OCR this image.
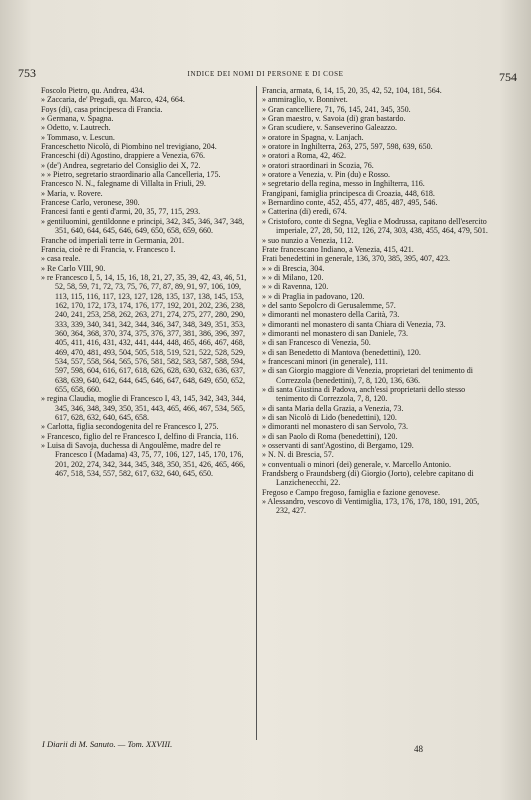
753	INDICE DEI NOMI DI PERSONE E DI COSE	754

Foscolo Pietro, qu. Andrea, 434.

» Zaccaria, de' Pregadi, qu. Marco, 424, 664.

Foys (di), casa principesca di Francia.

» Germana, v. Spagna.

» Odetto, v. Lautrech.

» Tommaso, v. Lescun.

Franceschetto Nicolò, di Piombino nel trevigiano, 204.

Franceschi (di) Agostino, drappiere a Venezia, 676.

» (de') Andrea, segretario del Consiglio dei X, 72.

» » Pietro, segretario straordinario alla Cancelleria, 175.

Francesco N. N., falegname di Villalta in Friuli, 29.

» Maria, v. Rovere.

Francese Carlo, veronese, 390.

Francesi fanti e genti d'armi, 20, 35, 77, 115, 293.

» gentiluomini, gentildonne e principi, 342, 345, 346, 347, 348, 351, 640, 644, 645, 646, 649, 650, 658, 659, 660.

Franche od imperiali terre in Germania, 201.

Francia, cioè re di Francia, v. Francesco I.

» casa reale.

» Re Carlo VIII, 90.

» re Francesco I, 5, 14, 15, 16, 18, 21, 27, 35, 39, 42, 43, 46, 51, 52, 58, 59, 71, 72, 73, 75, 76, 77, 87, 89, 91, 97, 106, 109, 113, 115, 116, 117, 123, 127, 128, 135, 137, 138, 145, 153, 162, 170, 172, 173, 174, 176, 177, 192, 201, 202, 236, 238, 240, 241, 253, 258, 262, 263, 271, 274, 275, 277, 280, 290, 333, 339, 340, 341, 342, 344, 346, 347, 348, 349, 351, 353, 360, 364, 368, 370, 374, 375, 376, 377, 381, 386, 396, 397, 405, 411, 416, 431, 432, 441, 444, 448, 465, 466, 467, 468, 469, 470, 481, 493, 504, 505, 518, 519, 521, 522, 528, 529, 534, 557, 558, 564, 565, 576, 581, 582, 583, 587, 588, 594, 597, 598, 604, 616, 617, 618, 626, 628, 630, 632, 636, 637, 638, 639, 640, 642, 644, 645, 646, 647, 648, 649, 650, 652, 655, 658, 660.

» regina Claudia, moglie di Francesco I, 43, 145, 342, 343, 344, 345, 346, 348, 349, 350, 351, 443, 465, 466, 467, 534, 565, 617, 628, 632, 640, 645, 658.

» Carlotta, figlia secondogenita del re Francesco I, 275.

» Francesco, figlio del re Francesco I, delfino di Francia, 116.

» Luisa di Savoja, duchessa di Angoulême, madre del re Francesco I (Madama) 43, 75, 77, 106, 127, 145, 170, 176, 201, 202, 274, 342, 344, 345, 348, 350, 351, 426, 465, 466, 467, 518, 534, 557, 582, 617, 632, 640, 645, 650.

Francia, armata, 6, 14, 15, 20, 35, 42, 52, 104, 181, 564.

» ammiraglio, v. Bonnivet.

» Gran cancelliere, 71, 76, 145, 241, 345, 350.

» Gran maestro, v. Savoia (di) gran bastardo.

» Gran scudiere, v. Sanseverino Galeazzo.

» oratore in Spagna, v. Lanjach.

» oratore in Inghilterra, 263, 275, 597, 598, 639, 650.

» oratori a Roma, 42, 462.

» oratori straordinari in Scozia, 76.

» oratore a Venezia, v. Pin (du) e Rosso.

» segretario della regina, messo in Inghilterra, 116.

Frangipani, famiglia principesca di Croazia, 448, 618.

» Bernardino conte, 452, 455, 477, 485, 487, 495, 546.

» Catterina (di) eredi, 674.

» Cristoforo, conte di Segna, Veglia e Modrussa, capitano dell'esercito imperiale, 27, 28, 50, 112, 126, 274, 303, 438, 455, 464, 479, 501.

» suo nunzio a Venezia, 112.

Frate francescano Indiano, a Venezia, 415, 421.

Frati benedettini in generale, 136, 370, 385, 395, 407, 423.

» » di Brescia, 304.

» » di Milano, 120.

» » di Ravenna, 120.

» » di Praglia in padovano, 120.

» del santo Sepolcro di Gerusalemme, 57.

» dimoranti nel monastero della Carità, 73.

» dimoranti nel monastero di santa Chiara di Venezia, 73.

» dimoranti nel monastero di san Daniele, 73.

» di san Francesco di Venezia, 50.

» di san Benedetto di Mantova (benedettini), 120.

» francescani minori (in generale), 111.

» di san Giorgio maggiore di Venezia, proprietari del tenimento di Correzzola (benedettini), 7, 8, 120, 136, 636.

» di santa Giustina di Padova, anch'essi proprietarii dello stesso tenimento di Correzzola, 7, 8, 120.

» di santa Maria della Grazia, a Venezia, 73.

» di san Nicolò di Lido (benedettini), 120.

» dimoranti nel monastero di san Servolo, 73.

» di san Paolo di Roma (benedettini), 120.

» osservanti di sant'Agostino, di Bergamo, 129.

» N. N. di Brescia, 57.

» conventuali o minori (dei) generale, v. Marcello Antonio.

Frandsberg o Fraundsberg (di) Giorgio (Jorto), celebre capitano di Lanzichenecchi, 22.

Fregoso e Campo fregoso, famiglia e fazione genovese.

» Alessandro, vescovo di Ventimiglia, 173, 176, 178, 180, 191, 205, 232, 427.

I Diarii di M. Sanuto. — Tom. XXVIII.	48
